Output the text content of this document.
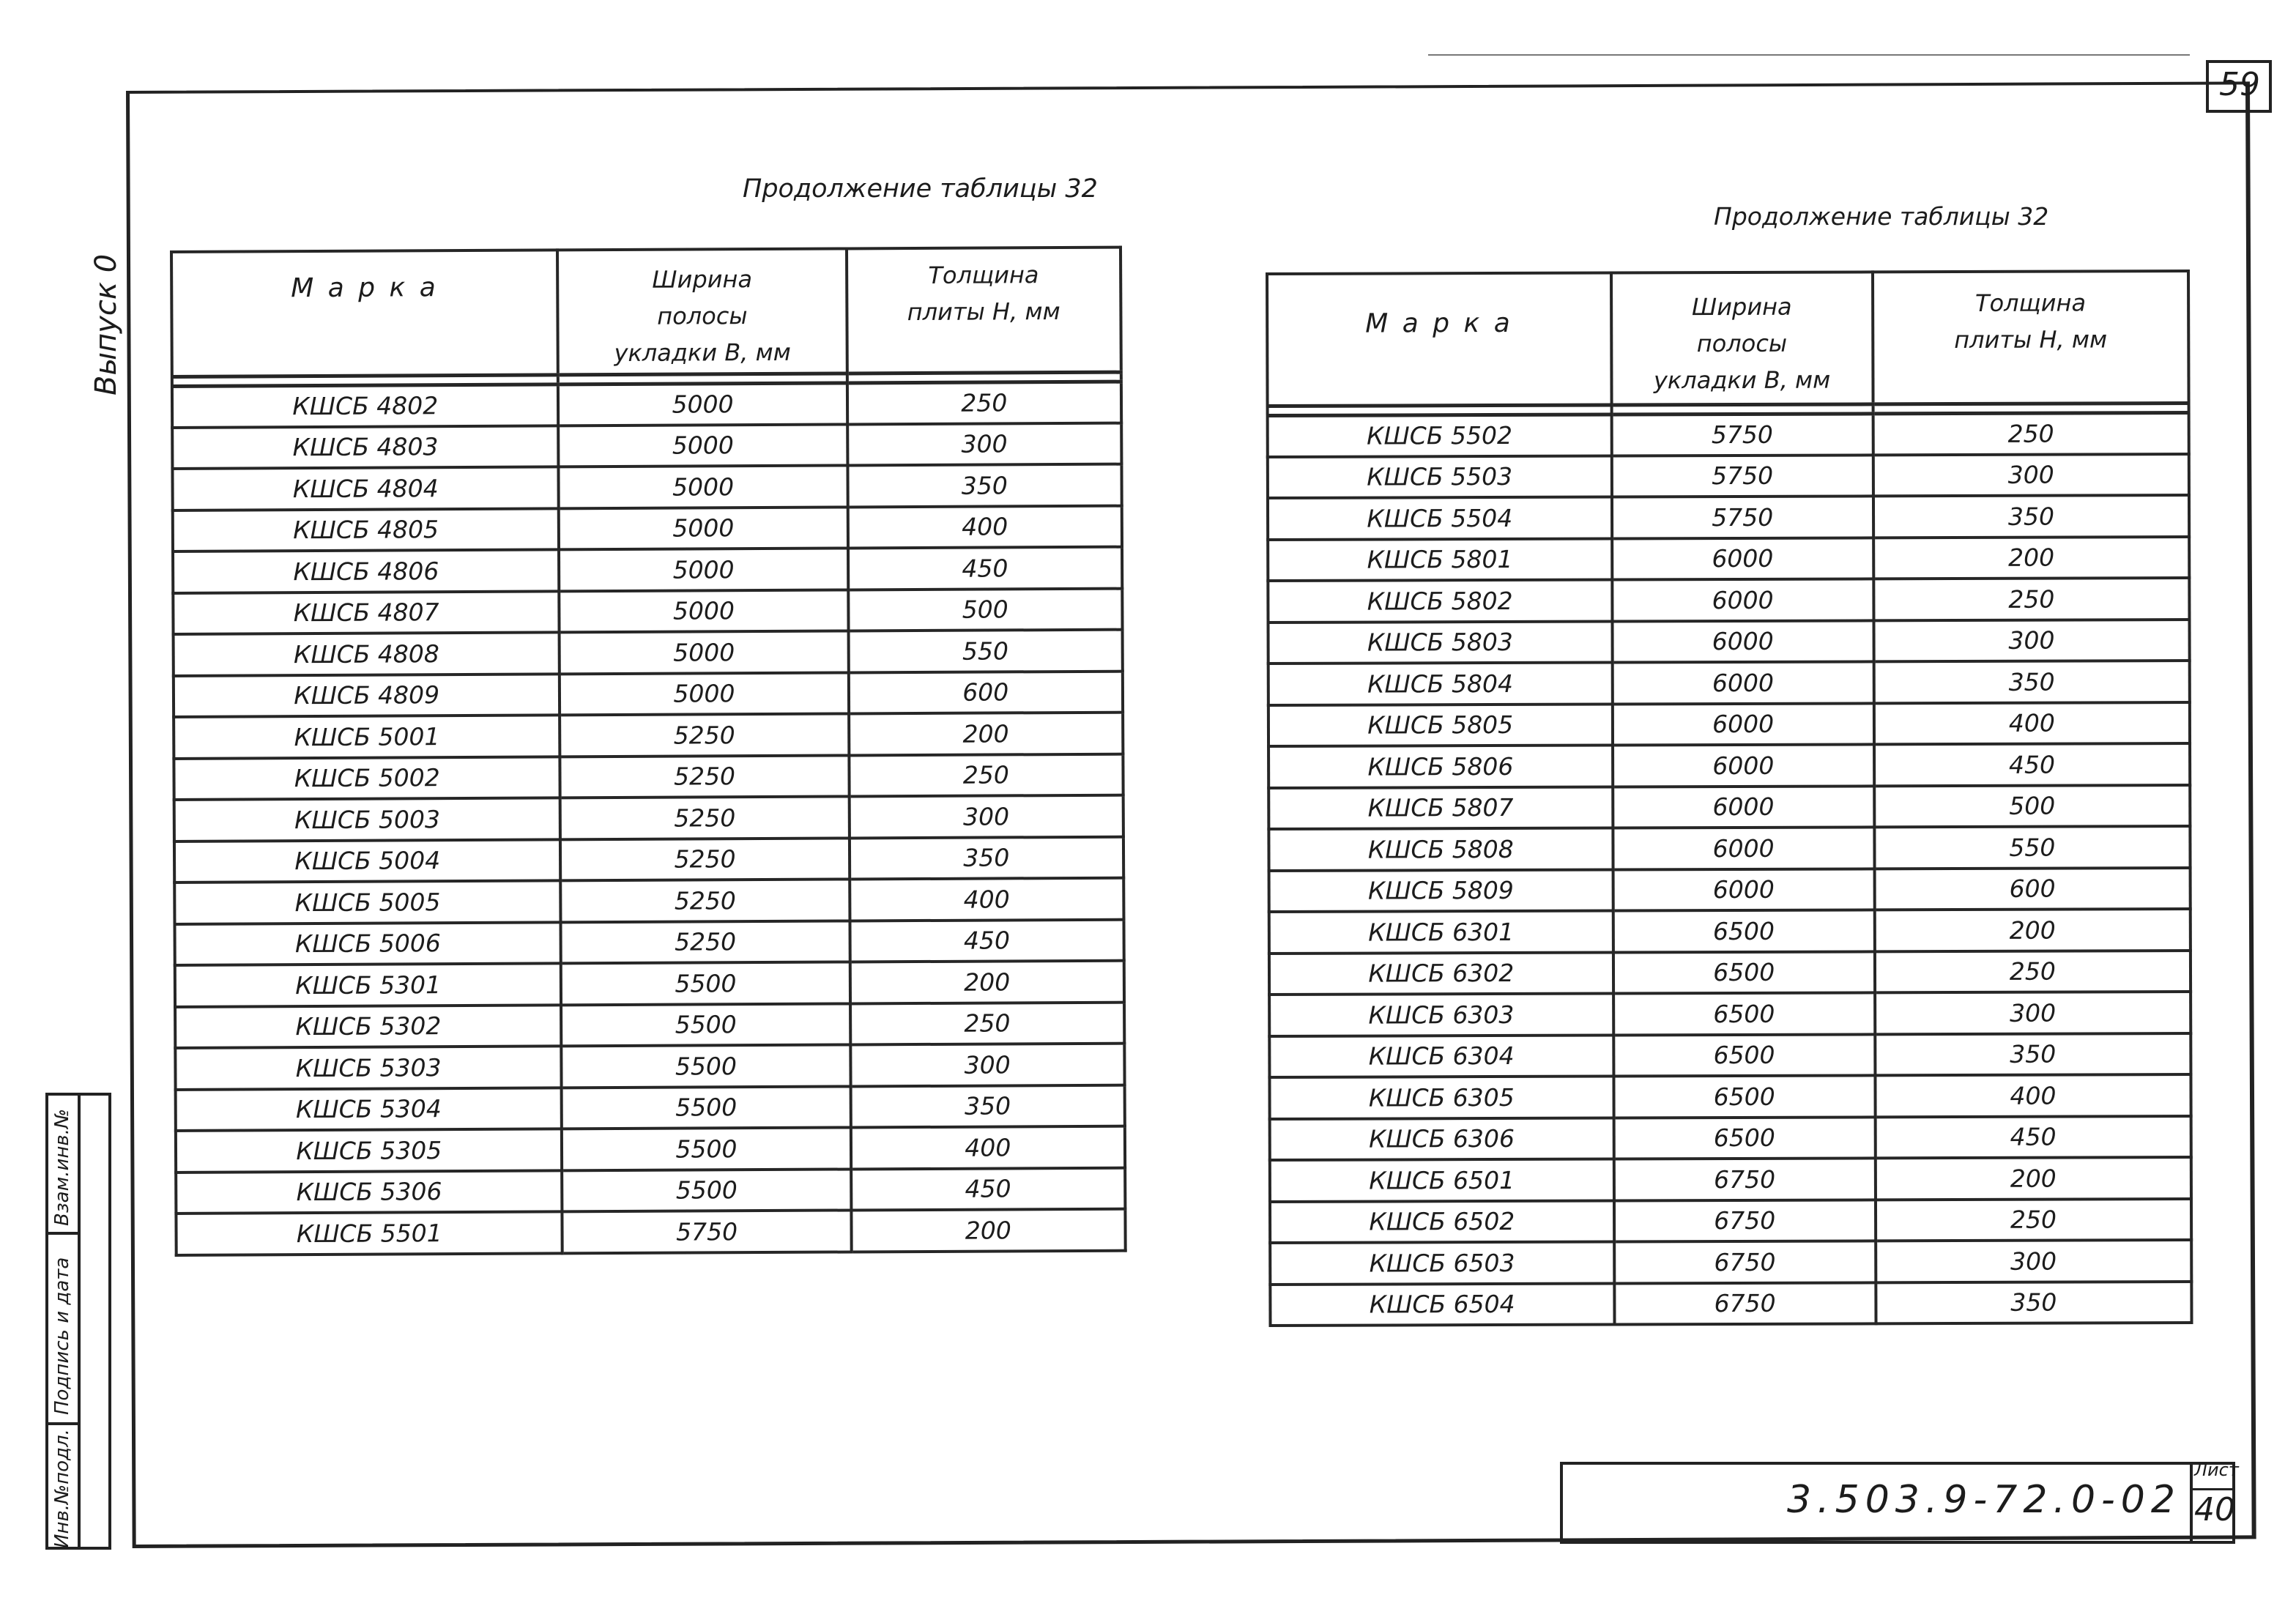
59
Выпуск 0
Продолжение таблицы 32
Продолжение таблицы 32
М а р к а	Ширина полосы укладки В, мм	Толщина плиты Н, мм

КШСБ 4802	5000	250
КШСБ 4803	5000	300
КШСБ 4804	5000	350
КШСБ 4805	5000	400
КШСБ 4806	5000	450
КШСБ 4807	5000	500
КШСБ 4808	5000	550
КШСБ 4809	5000	600
КШСБ 5001	5250	200
КШСБ 5002	5250	250
КШСБ 5003	5250	300
КШСБ 5004	5250	350
КШСБ 5005	5250	400
КШСБ 5006	5250	450
КШСБ 5301	5500	200
КШСБ 5302	5500	250
КШСБ 5303	5500	300
КШСБ 5304	5500	350
КШСБ 5305	5500	400
КШСБ 5306	5500	450
КШСБ 5501	5750	200
М а р к а	Ширина полосы укладки В, мм	Толщина плиты Н, мм

КШСБ 5502	5750	250
КШСБ 5503	5750	300
КШСБ 5504	5750	350
КШСБ 5801	6000	200
КШСБ 5802	6000	250
КШСБ 5803	6000	300
КШСБ 5804	6000	350
КШСБ 5805	6000	400
КШСБ 5806	6000	450
КШСБ 5807	6000	500
КШСБ 5808	6000	550
КШСБ 5809	6000	600
КШСБ 6301	6500	200
КШСБ 6302	6500	250
КШСБ 6303	6500	300
КШСБ 6304	6500	350
КШСБ 6305	6500	400
КШСБ 6306	6500	450
КШСБ 6501	6750	200
КШСБ 6502	6750	250
КШСБ 6503	6750	300
КШСБ 6504	6750	350
Взам.инв.№
Подпись и дата
Инв.№подл.	3.503.9-72.0-02
Лист
40
